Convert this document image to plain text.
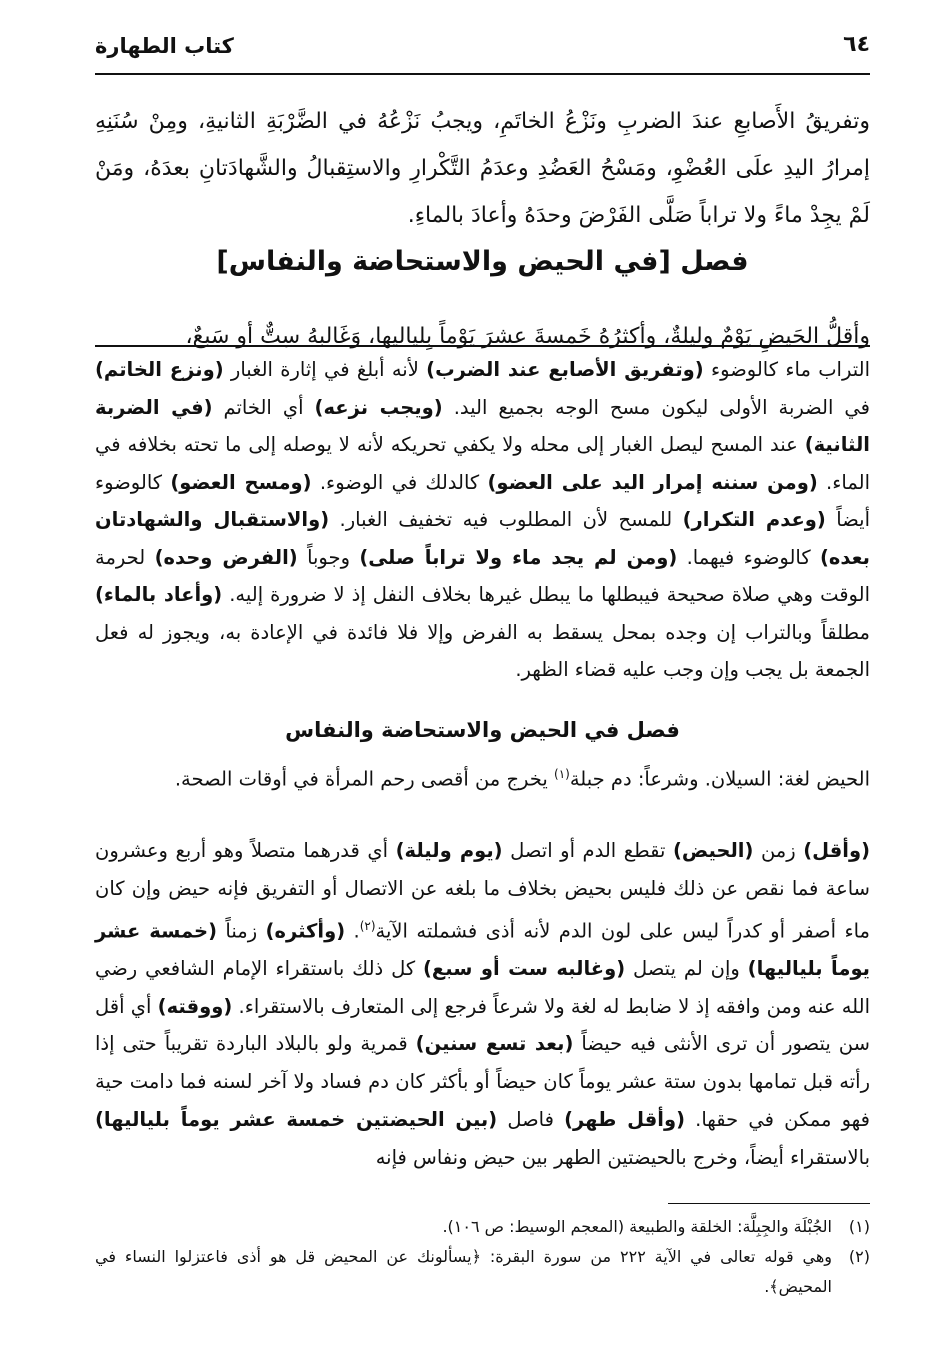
٦٤
كتاب الطهارة

وتفريقُ الأَصابعِ عندَ الضربِ ونَزْعُ الخاتَمِ، ويجبُ نَزْعُهُ في الضَّرْبَةِ الثانيةِ، ومِنْ سُنَنِهِ إمرارُ اليدِ علَى العُضْوِ، ومَسْحُ العَضُدِ وعدَمُ التَّكْرارِ والاستِقبالُ والشَّهادَتانِ بعدَهُ، ومَنْ لَمْ يجِدْ ماءً ولا تراباً صَلَّى الفَرْضَ وحدَهُ وأعادَ بالماءِ.

فصل [في الحيض والاستحاضة والنفاس]

وأقلُّ الحَيضِ يَوْمٌ وليلةٌ، وأكثرُهُ خَمسةَ عشرَ يَوْماً بِلياليها، وَغَالبهُ سِتٌّ أو سَبعٌ،

التراب ماء كالوضوء (وتفريق الأصابع عند الضرب) لأنه أبلغ في إثارة الغبار (ونزع الخاتم) في الضربة الأولى ليكون مسح الوجه بجميع اليد. (ويجب نزعه) أي الخاتم (في الضربة الثانية) عند المسح ليصل الغبار إلى محله ولا يكفي تحريكه لأنه لا يوصله إلى ما تحته بخلافه في الماء. (ومن سننه إمرار اليد على العضو) كالدلك في الوضوء. (ومسح العضو) كالوضوء أيضاً (وعدم التكرار) للمسح لأن المطلوب فيه تخفيف الغبار. (والاستقبال والشهادتان بعده) كالوضوء فيهما. (ومن لم يجد ماء ولا تراباً صلى) وجوباً (الفرض وحده) لحرمة الوقت وهي صلاة صحيحة فيبطلها ما يبطل غيرها بخلاف النفل إذ لا ضرورة إليه. (وأعاد بالماء) مطلقاً وبالتراب إن وجده بمحل يسقط به الفرض وإلا فلا فائدة في الإعادة به، ويجوز له فعل الجمعة بل يجب وإن وجب عليه قضاء الظهر.

فصل في الحيض والاستحاضة والنفاس

الحيض لغة: السيلان. وشرعاً: دم جبلة$^{(١)}$ يخرج من أقصى رحم المرأة في أوقات الصحة.

(وأقل) زمن (الحيض) تقطع الدم أو اتصل (يوم وليلة) أي قدرهما متصلاً وهو أربع وعشرون ساعة فما نقص عن ذلك فليس بحيض بخلاف ما بلغه عن الاتصال أو التفريق فإنه حيض وإن كان ماء أصفر أو كدراً ليس على لون الدم لأنه أذى فشملته الآية$^{(٢)}$. (وأكثره) زمناً (خمسة عشر يوماً بلياليها) وإن لم يتصل (وغالبه ست أو سبع) كل ذلك باستقراء الإمام الشافعي رضي الله عنه ومن وافقه إذ لا ضابط له لغة ولا شرعاً فرجع إلى المتعارف بالاستقراء. (ووقته) أي أقل سن يتصور أن ترى الأنثى فيه حيضاً (بعد تسع سنين) قمرية ولو بالبلاد الباردة تقريباً حتى إذا رأته قبل تمامها بدون ستة عشر يوماً كان حيضاً أو بأكثر كان دم فساد ولا آخر لسنه فما دامت حية فهو ممكن في حقها. (وأقل طهر) فاصل (بين الحيضتين خمسة عشر يوماً بلياليها) بالاستقراء أيضاً، وخرج بالحيضتين الطهر بين حيض ونفاس فإنه

(١)
الجُبْلَة والجِبِلَّة: الخلقة والطبيعة (المعجم الوسيط: ص ١٠٦).
(٢)
وهي قوله تعالى في الآية ٢٢٢ من سورة البقرة: ﴿يسألونك عن المحيض قل هو أذى فاعتزلوا النساء في المحيض﴾.
